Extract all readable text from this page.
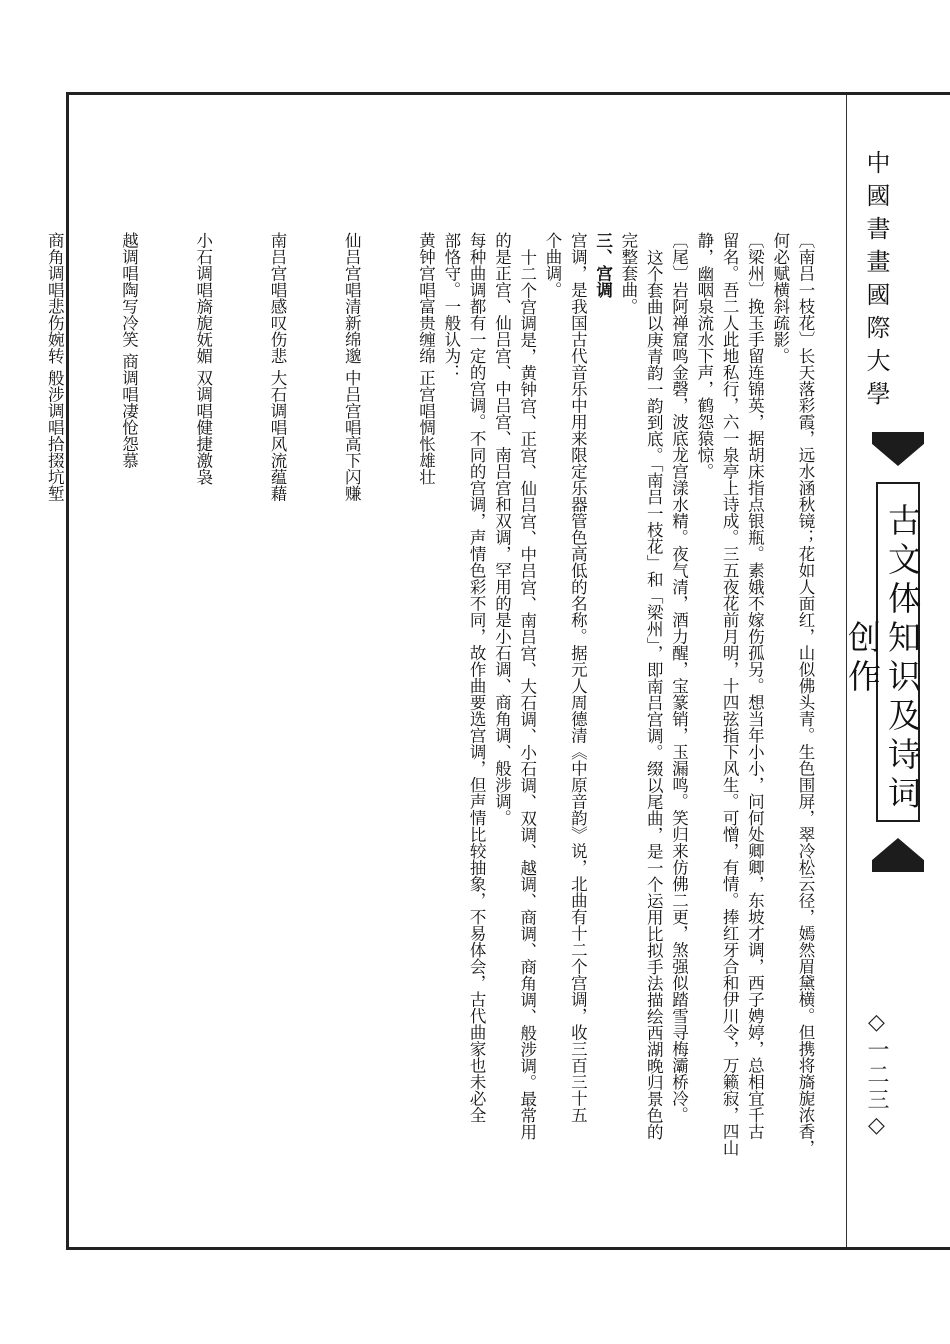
中國書畫國際大學
古文体知识及诗词创作
◇一二三◇

〔南吕一枝花〕长天落彩霞，远水涵秋镜；花如人面红，山似佛头青。生色围屏，翠冷松云径，嫣然眉黛横。但携将旖旎浓香，

何必赋横斜疏影。

〔梁州〕挽玉手留连锦英，据胡床指点银瓶。素娥不嫁伤孤另。想当年小小，问何处卿卿，东坡才调，西子娉婷，总相宜千古

留名。吾二人此地私行，六一泉亭上诗成。三五夜花前月明，十四弦指下风生。可憎，有情。捧红牙合和伊川令，万籁寂，四山

静，幽咽泉流水下声，鹤怨猿惊。

〔尾〕岩阿禅窟鸣金磬，波底龙宫漾水精。夜气清，酒力醒，宝篆销，玉漏鸣。笑归来仿佛二更，煞强似踏雪寻梅灞桥冷。

这个套曲以庚青韵一韵到底。「南吕一枝花」和「梁州」，即南吕宫调。缀以尾曲，是一个运用比拟手法描绘西湖晚归景色的

完整套曲。

三、宫调

宫调，是我国古代音乐中用来限定乐器管色高低的名称。据元人周德清《中原音韵》说，北曲有十二个宫调，收三百三十五

个曲调。

十二个宫调是，黄钟宫、正宫、仙吕宫、中吕宫、南吕宫、大石调、小石调、双调、越调、商调、商角调、般涉调。最常用

的是正宫、仙吕宫、中吕宫、南吕宫和双调，罕用的是小石调、商角调、般涉调。

每种曲调都有一定的宫调。不同的宫调，声情色彩不同，故作曲要选宫调，但声情比较抽象，不易体会，古代曲家也未必全

部恪守。一般认为：

黄钟宫唱富贵缠绵 正宫唱惆怅雄壮

仙吕宫唱清新绵邈 中吕宫唱高下闪赚

南吕宫唱感叹伤悲 大石调唱风流蕴藉

小石调唱旖旎妩媚 双调唱健捷激袅

越调唱陶写冷笑 商调唱凄怆怨慕

商角调唱悲伤婉转 般涉调唱拾掇坑堑
